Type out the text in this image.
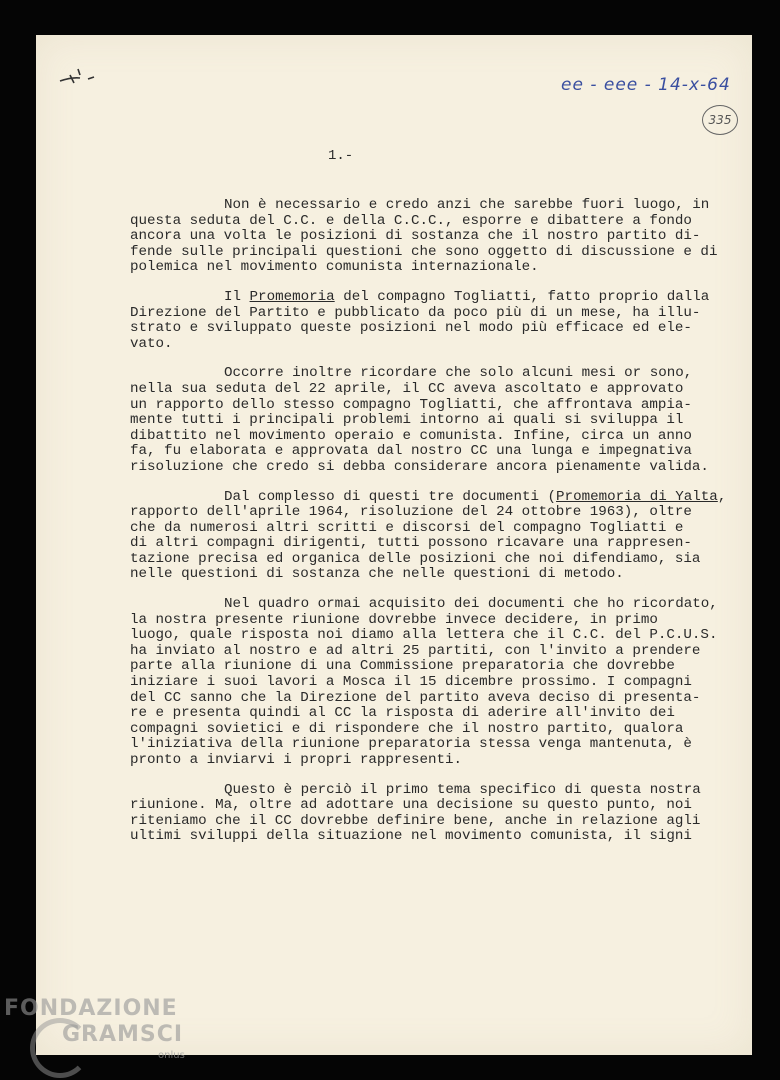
ee - eee - 14-x-64
335
1.-

Non è necessario e credo anzi che sarebbe fuori luogo, in
questa seduta del C.C. e della C.C.C., esporre e dibattere a fondo
ancora una volta le posizioni di sostanza che il nostro partito di-
fende sulle principali questioni che sono oggetto di discussione e di
polemica nel movimento comunista internazionale.

Il Promemoria del compagno Togliatti, fatto proprio dalla
Direzione del Partito e pubblicato da poco più di un mese, ha illu-
strato e sviluppato queste posizioni nel modo più efficace ed ele-
vato.

Occorre inoltre ricordare che solo alcuni mesi or sono,
nella sua seduta del 22 aprile, il CC aveva ascoltato e approvato
un rapporto dello stesso compagno Togliatti, che affrontava ampia-
mente tutti i principali problemi intorno ai quali si sviluppa il
dibattito nel movimento operaio e comunista. Infine, circa un anno
fa, fu elaborata e approvata dal nostro CC una lunga e impegnativa
risoluzione che credo si debba considerare ancora pienamente valida.

Dal complesso di questi tre documenti (Promemoria di Yalta,
rapporto dell'aprile 1964, risoluzione del 24 ottobre 1963), oltre
che da numerosi altri scritti e discorsi del compagno Togliatti e
di altri compagni dirigenti, tutti possono ricavare una rappresen-
tazione precisa ed organica delle posizioni che noi difendiamo, sia
nelle questioni di sostanza che nelle questioni di metodo.

Nel quadro ormai acquisito dei documenti che ho ricordato,
la nostra presente riunione dovrebbe invece decidere, in primo
luogo, quale risposta noi diamo alla lettera che il C.C. del P.C.U.S.
ha inviato al nostro e ad altri 25 partiti, con l'invito a prendere
parte alla riunione di una Commissione preparatoria che dovrebbe
iniziare i suoi lavori a Mosca il 15 dicembre prossimo. I compagni
del CC sanno che la Direzione del partito aveva deciso di presenta-
re e presenta quindi al CC la risposta di aderire all'invito dei
compagni sovietici e di rispondere che il nostro partito, qualora
l'iniziativa della riunione preparatoria stessa venga mantenuta, è
pronto a inviarvi i propri rappresenti.

Questo è perciò il primo tema specifico di questa nostra
riunione. Ma, oltre ad adottare una decisione su questo punto, noi
riteniamo che il CC dovrebbe definire bene, anche in relazione agli
ultimi sviluppi della situazione nel movimento comunista, il signi

FONDAZIONE
GRAMSCI
onlus
